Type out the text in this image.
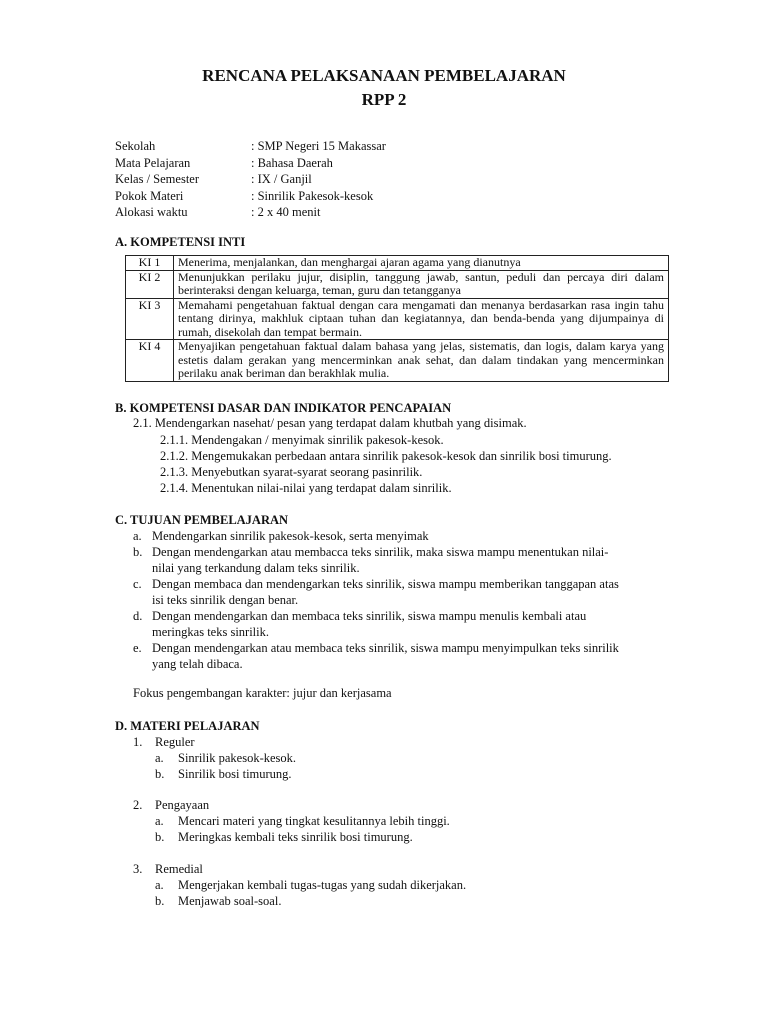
RENCANA PELAKSANAAN PEMBELAJARAN
RPP 2
Sekolah	: SMP Negeri 15 Makassar
Mata Pelajaran	: Bahasa Daerah
Kelas / Semester	: IX / Ganjil
Pokok Materi	: Sinrilik Pakesok-kesok
Alokasi waktu	: 2 x 40 menit
A. KOMPETENSI INTI
KI 1	Menerima, menjalankan, dan menghargai ajaran agama yang dianutnya
KI 2	Menunjukkan perilaku jujur, disiplin, tanggung jawab, santun, peduli dan percaya diri dalam berinteraksi dengan keluarga, teman, guru dan tetangganya
KI 3	Memahami pengetahuan faktual dengan cara mengamati dan menanya berdasarkan rasa ingin tahu tentang dirinya, makhluk ciptaan tuhan dan kegiatannya, dan benda-benda yang dijumpainya di rumah, disekolah dan tempat bermain.
KI 4	Menyajikan pengetahuan faktual dalam bahasa yang jelas, sistematis, dan logis, dalam karya yang estetis dalam gerakan yang mencerminkan anak sehat, dan dalam tindakan yang mencerminkan perilaku anak beriman dan berakhlak mulia.
B. KOMPETENSI DASAR DAN INDIKATOR PENCAPAIAN
2.1. Mendengarkan nasehat/ pesan yang terdapat dalam khutbah yang disimak.
2.1.1. Mendengakan / menyimak sinrilik pakesok-kesok.
2.1.2. Mengemukakan perbedaan antara sinrilik pakesok-kesok dan sinrilik bosi timurung.
2.1.3. Menyebutkan syarat-syarat seorang pasinrilik.
2.1.4. Menentukan nilai-nilai yang terdapat dalam sinrilik.
C. TUJUAN PEMBELAJARAN
a. Mendengarkan sinrilik pakesok-kesok, serta menyimak
b. Dengan mendengarkan atau membacca teks sinrilik, maka siswa mampu menentukan nilai-
nilai yang terkandung dalam teks sinrilik.
c. Dengan membaca dan mendengarkan teks sinrilik, siswa mampu memberikan tanggapan atas
isi teks sinrilik dengan benar.
d. Dengan mendengarkan dan membaca teks sinrilik, siswa mampu menulis kembali atau
meringkas teks sinrilik.
e. Dengan mendengarkan atau membaca teks sinrilik, siswa mampu menyimpulkan teks sinrilik
yang telah dibaca.
Fokus pengembangan karakter: jujur dan kerjasama
D. MATERI PELAJARAN
1.	Reguler
a.	Sinrilik pakesok-kesok.
b.	Sinrilik bosi timurung.
2.	Pengayaan
a.	Mencari materi yang tingkat kesulitannya lebih tinggi.
b.	Meringkas kembali teks sinrilik bosi timurung.
3.	Remedial
a.	Mengerjakan kembali tugas-tugas yang sudah dikerjakan.
b.	Menjawab soal-soal.
